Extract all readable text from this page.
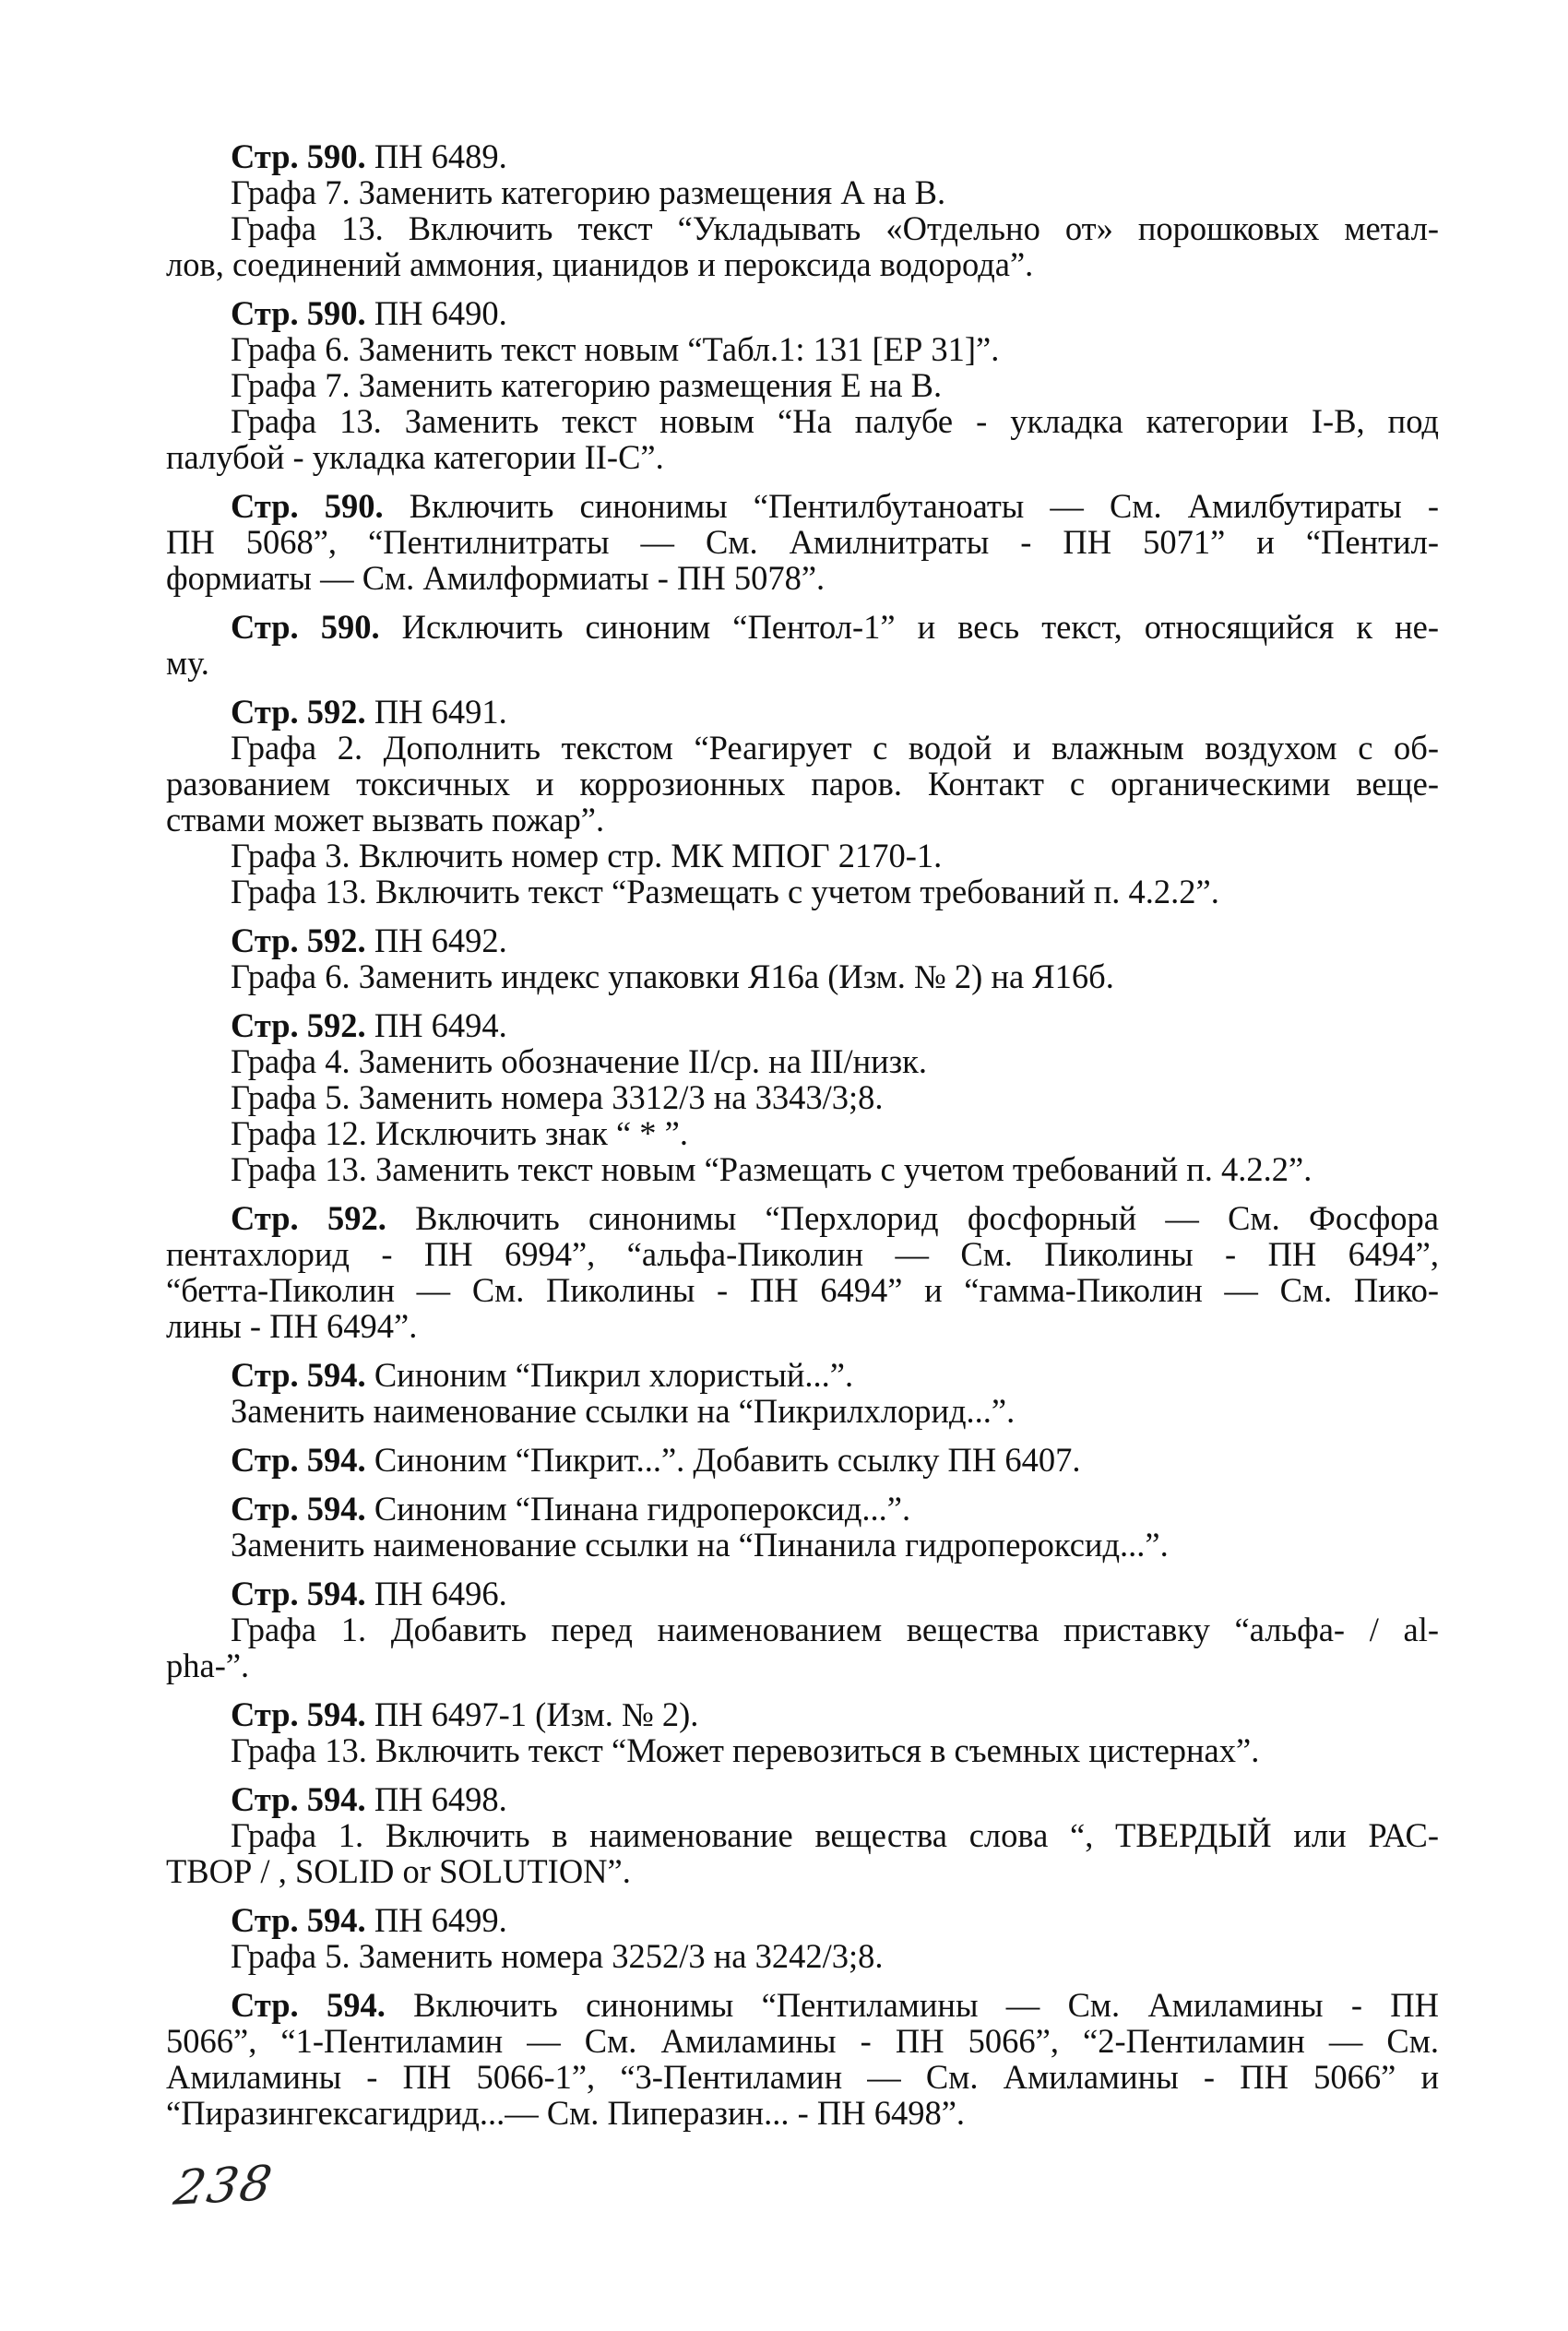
Стр. 590. ПН 6489.
Графа 7. Заменить категорию размещения А на В.
Графа 13. Включить текст “Укладывать «Отдельно от» порошковых метал-
лов, соединений аммония, цианидов и пероксида водорода”.
Стр. 590. ПН 6490.
Графа 6. Заменить текст новым “Табл.1: 131 [ЕР 31]”.
Графа 7. Заменить категорию размещения Е на В.
Графа 13. Заменить текст новым “На палубе - укладка категории I-В, под
палубой - укладка категории II-С”.
Стр. 590. Включить синонимы “Пентилбутаноаты — См. Амилбутираты -
ПН 5068”, “Пентилнитраты — См. Амилнитраты - ПН 5071” и “Пентил-
формиаты — См. Амилформиаты - ПН 5078”.
Стр. 590. Исключить синоним “Пентол-1” и весь текст, относящийся к не-
му.
Стр. 592. ПН 6491.
Графа 2. Дополнить текстом “Реагирует с водой и влажным воздухом с об-
разованием токсичных и коррозионных паров. Контакт с органическими веще-
ствами может вызвать пожар”.
Графа 3. Включить номер стр. МК МПОГ 2170-1.
Графа 13. Включить текст “Размещать с учетом требований п. 4.2.2”.
Стр. 592. ПН 6492.
Графа 6. Заменить индекс упаковки Я16а (Изм. № 2) на Я16б.
Стр. 592. ПН 6494.
Графа 4. Заменить обозначение II/ср. на III/низк.
Графа 5. Заменить номера 3312/3 на 3343/3;8.
Графа 12. Исключить знак “ * ”.
Графа 13. Заменить текст новым “Размещать с учетом требований п. 4.2.2”.
Стр. 592. Включить синонимы “Перхлорид фосфорный — См. Фосфора
пентахлорид - ПН 6994”, “альфа-Пиколин — См. Пиколины - ПН 6494”,
“бетта-Пиколин — См. Пиколины - ПН 6494” и “гамма-Пиколин — См. Пико-
лины - ПН 6494”.
Стр. 594. Синоним “Пикрил хлористый...”.
Заменить наименование ссылки на “Пикрилхлорид...”.
Стр. 594. Синоним “Пикрит...”. Добавить ссылку ПН 6407.
Стр. 594. Синоним “Пинана гидропероксид...”.
Заменить наименование ссылки на “Пинанила гидропероксид...”.
Стр. 594. ПН 6496.
Графа 1. Добавить перед наименованием вещества приставку “альфа- / al-
pha-”.
Стр. 594. ПН 6497-1 (Изм. № 2).
Графа 13. Включить текст “Может перевозиться в съемных цистернах”.
Стр. 594. ПН 6498.
Графа 1. Включить в наименование вещества слова “, ТВЕРДЫЙ или РАС-
ТВОР / , SOLID or SOLUTION”.
Стр. 594. ПН 6499.
Графа 5. Заменить номера 3252/3 на 3242/3;8.
Стр. 594. Включить синонимы “Пентиламины — См. Амиламины - ПН
5066”, “1-Пентиламин — См. Амиламины - ПН 5066”, “2-Пентиламин — См.
Амиламины - ПН 5066-1”, “3-Пентиламин — См. Амиламины - ПН 5066” и
“Пиразингексагидрид...— См. Пиперазин... - ПН 6498”.
238
